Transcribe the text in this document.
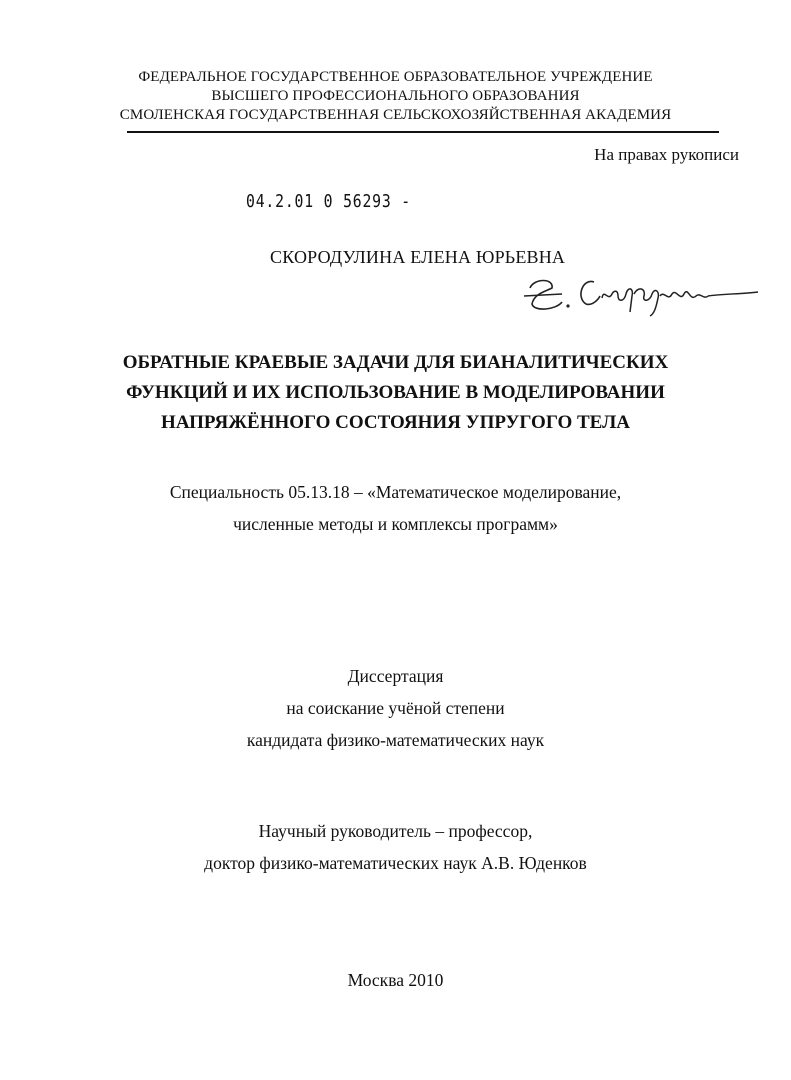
ФЕДЕРАЛЬНОЕ ГОСУДАРСТВЕННОЕ ОБРАЗОВАТЕЛЬНОЕ УЧРЕЖДЕНИЕ
ВЫСШЕГО ПРОФЕССИОНАЛЬНОГО ОБРАЗОВАНИЯ
СМОЛЕНСКАЯ ГОСУДАРСТВЕННАЯ СЕЛЬСКОХОЗЯЙСТВЕННАЯ АКАДЕМИЯ
На правах рукописи
04.2.01 0 56293 -
СКОРОДУЛИНА ЕЛЕНА ЮРЬЕВНА
ОБРАТНЫЕ КРАЕВЫЕ ЗАДАЧИ ДЛЯ БИАНАЛИТИЧЕСКИХ
ФУНКЦИЙ И ИХ ИСПОЛЬЗОВАНИЕ В МОДЕЛИРОВАНИИ
НАПРЯЖЁННОГО СОСТОЯНИЯ УПРУГОГО ТЕЛА
Специальность 05.13.18 – «Математическое моделирование,
численные методы и комплексы программ»
Диссертация
на соискание учёной степени
кандидата физико-математических наук
Научный руководитель – профессор,
доктор физико-математических наук А.В. Юденков
Москва 2010
